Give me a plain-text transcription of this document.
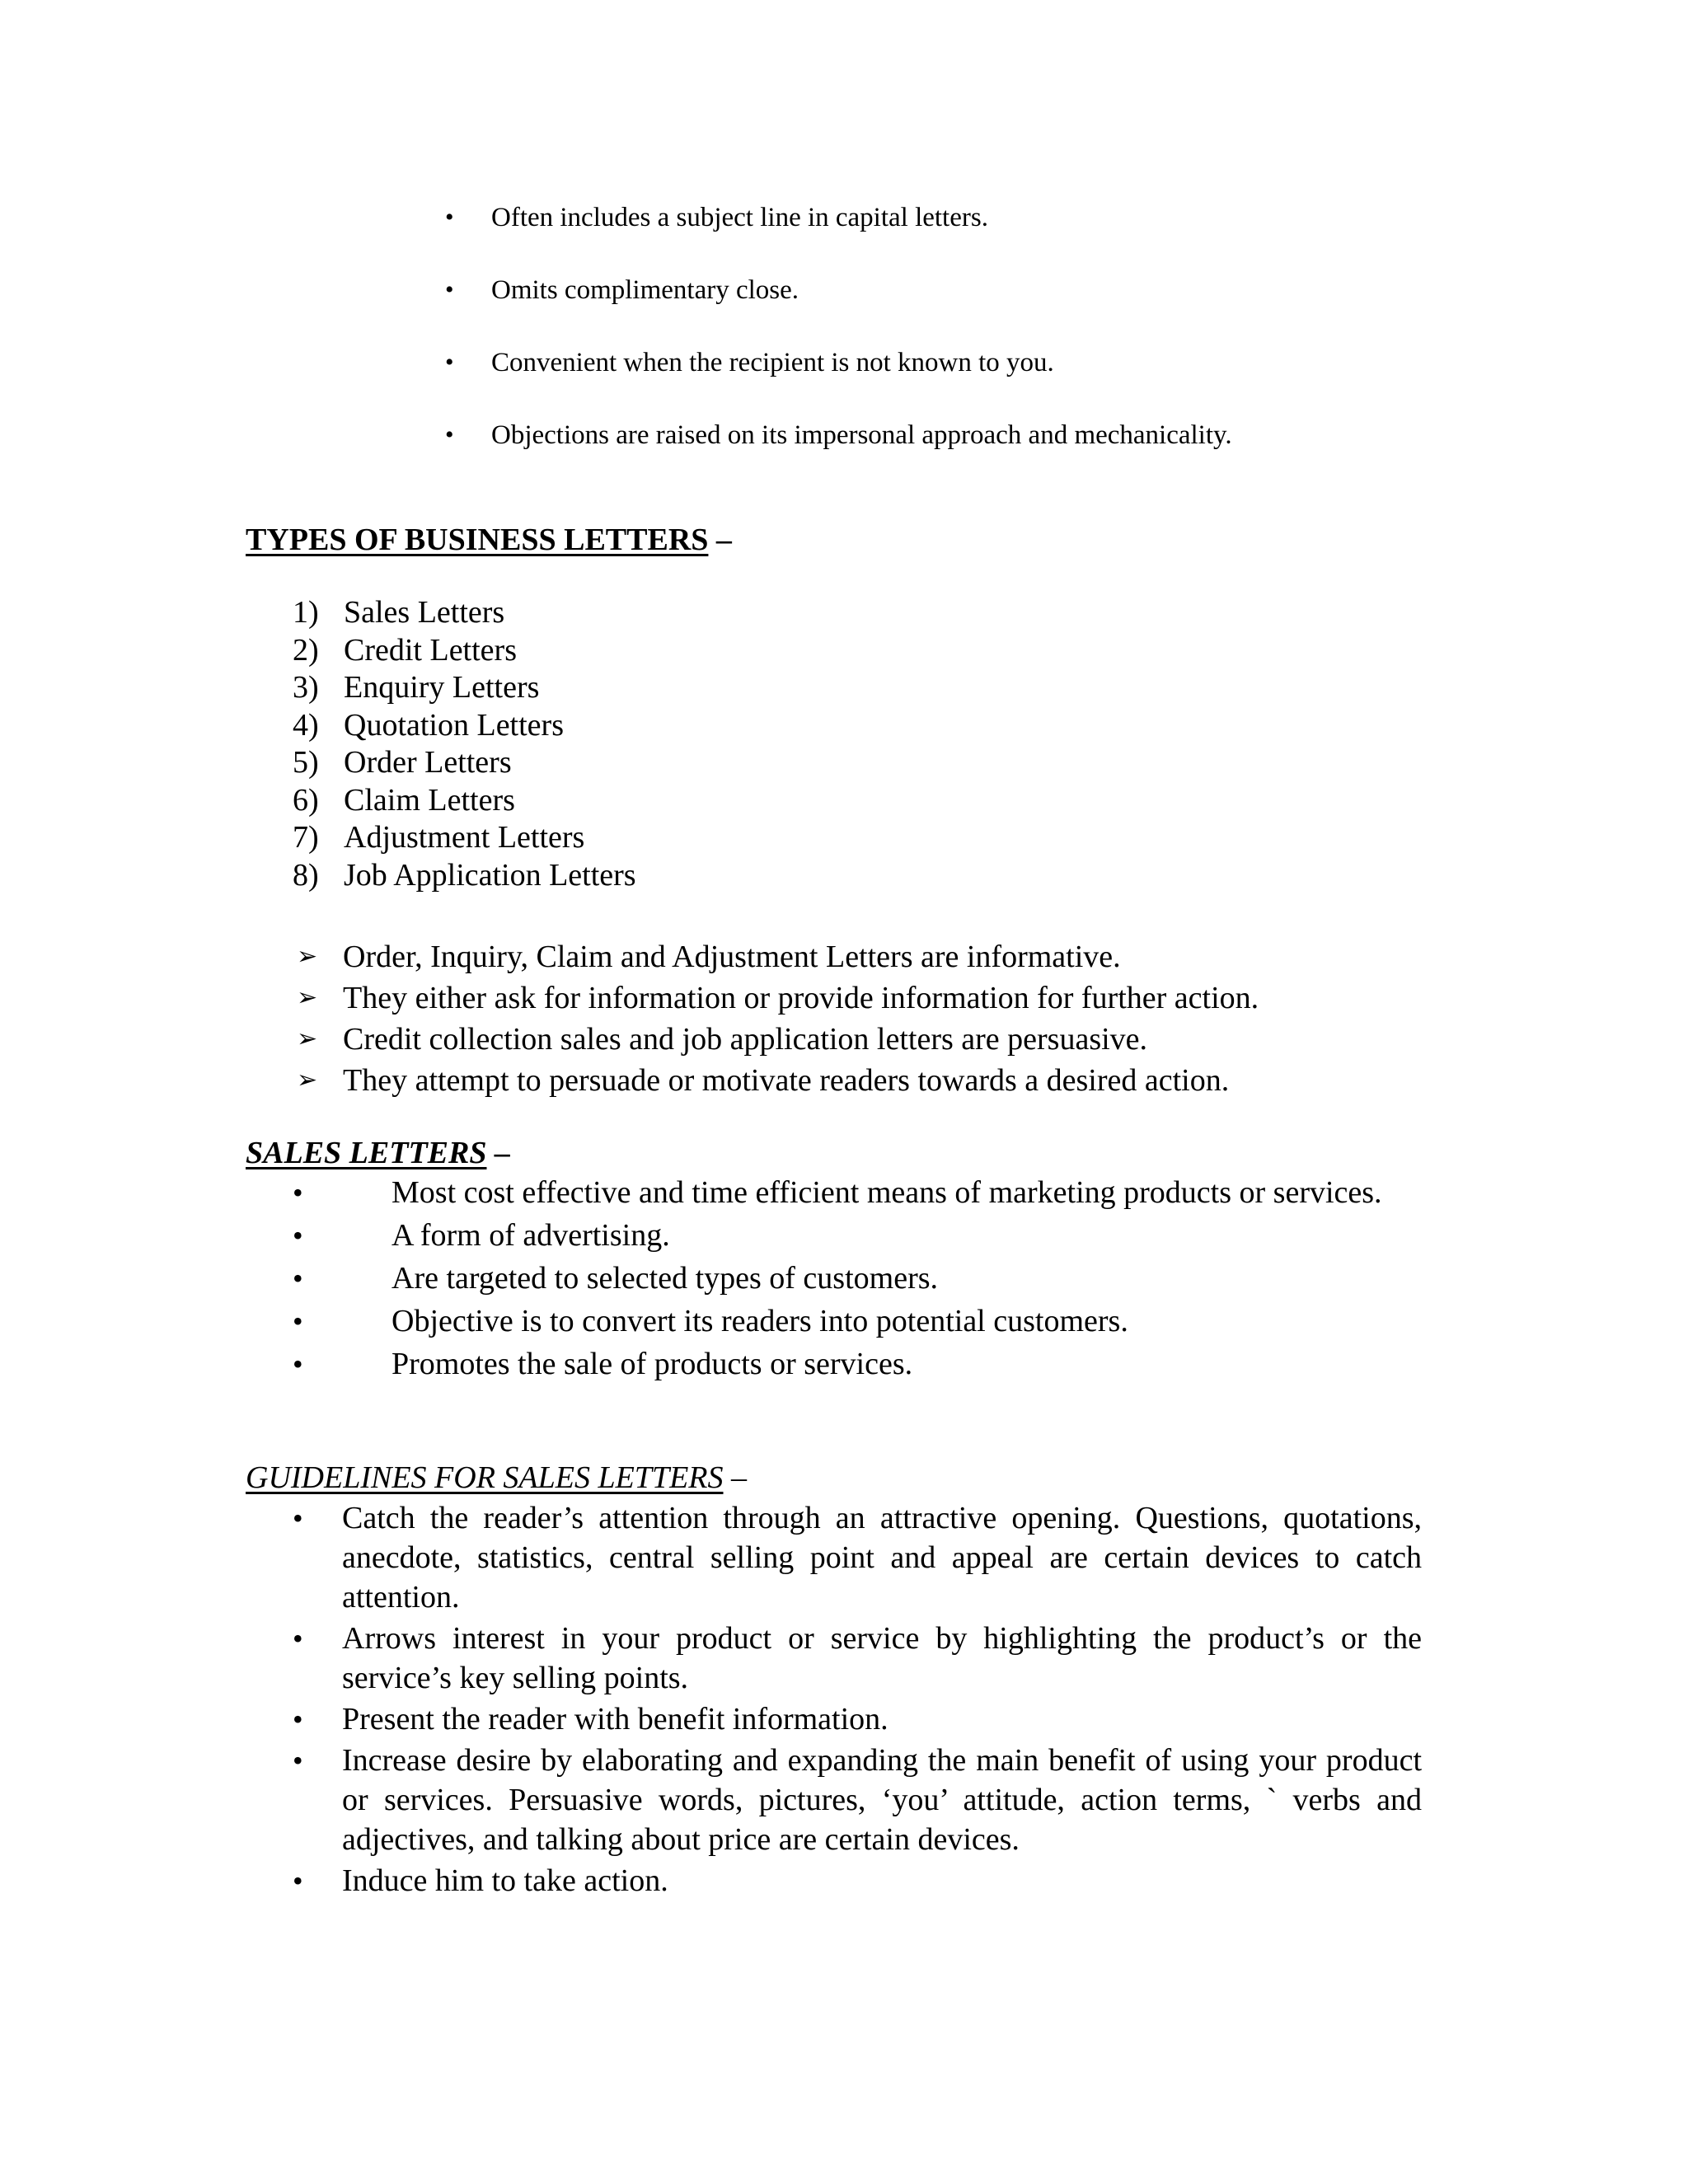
• Often includes a subject line in capital letters.
• Omits complimentary close.
• Convenient when the recipient is not known to you.
• Objections are raised on its impersonal approach and mechanicality.
TYPES OF BUSINESS LETTERS –
1) Sales Letters
2) Credit Letters
3) Enquiry Letters
4) Quotation Letters
5) Order Letters
6) Claim Letters
7) Adjustment Letters
8) Job Application Letters
➢ Order, Inquiry, Claim and Adjustment Letters are informative.
➢ They either ask for information or provide information for further action.
➢ Credit collection sales and job application letters are persuasive.
➢ They attempt to persuade or motivate readers towards a desired action.
SALES LETTERS –
•	Most cost effective and time efficient means of marketing products or services.
•	A form of advertising.
•	Are targeted to selected types of customers.
•	Objective is to convert its readers into potential customers.
•	Promotes the sale of products or services.
GUIDELINES FOR SALES LETTERS –
• Catch the reader’s attention through an attractive opening. Questions, quotations, anecdote, statistics, central selling point and appeal are certain devices to catch attention.
• Arrows interest in your product or service by highlighting the product’s or the service’s key selling points.
• Present the reader with benefit information.
• Increase desire by elaborating and expanding the main benefit of using your product or services. Persuasive words, pictures, ‘you’ attitude, action terms, ` verbs and adjectives, and talking about price are certain devices.
• Induce him to take action.
